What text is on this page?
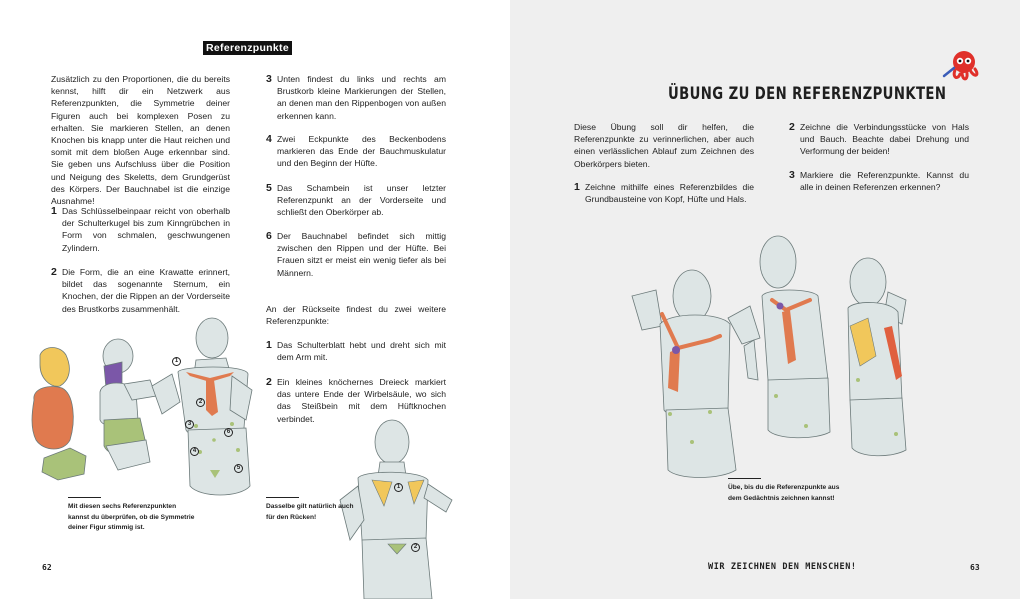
Referenzpunkte
Zusätzlich zu den Proportionen, die du bereits kennst, hilft dir ein Netzwerk aus Referenzpunkten, die Symmetrie deiner Figuren auch bei komplexen Posen zu erhalten. Sie markieren Stellen, an denen Knochen bis knapp unter die Haut reichen und somit mit dem bloßen Auge erkennbar sind. Sie geben uns Aufschluss über die Position und Neigung des Skeletts, dem Grundgerüst des Körpers. Der Bauchnabel ist die einzige Ausnahme!
1 Das Schlüsselbeinpaar reicht von oberhalb der Schulterkugel bis zum Kinngrübchen in Form von schmalen, geschwungenen Zylindern.
2 Die Form, die an eine Krawatte erinnert, bildet das sogenannte Sternum, ein Knochen, der die Rippen an der Vorderseite des Brustkorbs zusammenhält.
3 Unten findest du links und rechts am Brustkorb kleine Markierungen der Stellen, an denen man den Rippenbogen von außen erkennen kann.
4 Zwei Eckpunkte des Beckenbodens markieren das Ende der Bauchmuskulatur und den Beginn der Hüfte.
5 Das Schambein ist unser letzter Referenzpunkt an der Vorderseite und schließt den Oberkörper ab.
6 Der Bauchnabel befindet sich mittig zwischen den Rippen und der Hüfte. Bei Frauen sitzt er meist ein wenig tiefer als bei Männern.
An der Rückseite findest du zwei weitere Referenzpunkte:
1 Das Schulterblatt hebt und dreht sich mit dem Arm mit.
2 Ein kleines knöchernes Dreieck markiert das untere Ende der Wirbelsäule, wo sich das Steißbein mit dem Hüftknochen verbindet.
1
2
3
4
5
6
1
2
Mit diesen sechs Referenzpunkten kannst du überprüfen, ob die Symmetrie deiner Figur stimmig ist.
Dasselbe gilt natürlich auch für den Rücken!
62
ÜBUNG ZU DEN REFERENZPUNKTEN
Diese Übung soll dir helfen, die Referenzpunkte zu verinnerlichen, aber auch einen verlässlichen Ablauf zum Zeichnen des Oberkörpers bieten.
1 Zeichne mithilfe eines Referenzbildes die Grundbausteine von Kopf, Hüfte und Hals.
2 Zeichne die Verbindungsstücke von Hals und Bauch. Beachte dabei Drehung und Verformung der beiden!
3 Markiere die Referenzpunkte. Kannst du alle in deinen Referenzen erkennen?
Übe, bis du die Referenzpunkte aus dem Gedächtnis zeichnen kannst!
WIR ZEICHNEN DEN MENSCHEN!	63
